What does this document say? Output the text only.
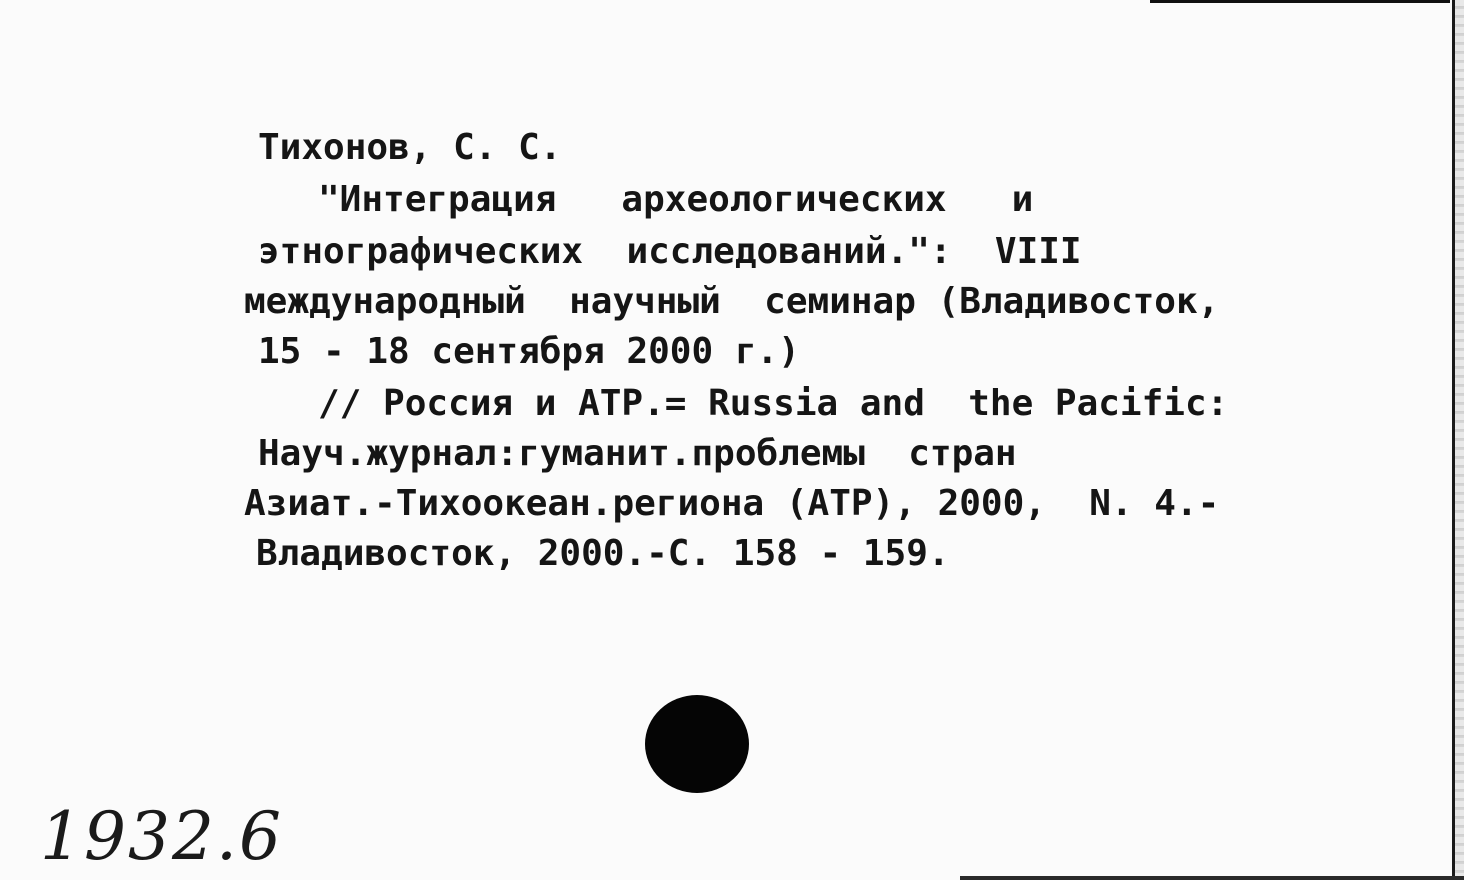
Тихонов, С. С.
"Интеграция   археологических   и
этнографических  исследований.":  VIII
международный  научный  семинар (Владивосток,
15 - 18 сентября 2000 г.)
// Россия и АТР.= Russia and  the Pacific:
Науч.журнал:гуманит.проблемы  стран
Азиат.-Тихоокеан.региона (АТР), 2000,  N. 4.-
Владивосток, 2000.-С. 158 - 159.
1932.6
